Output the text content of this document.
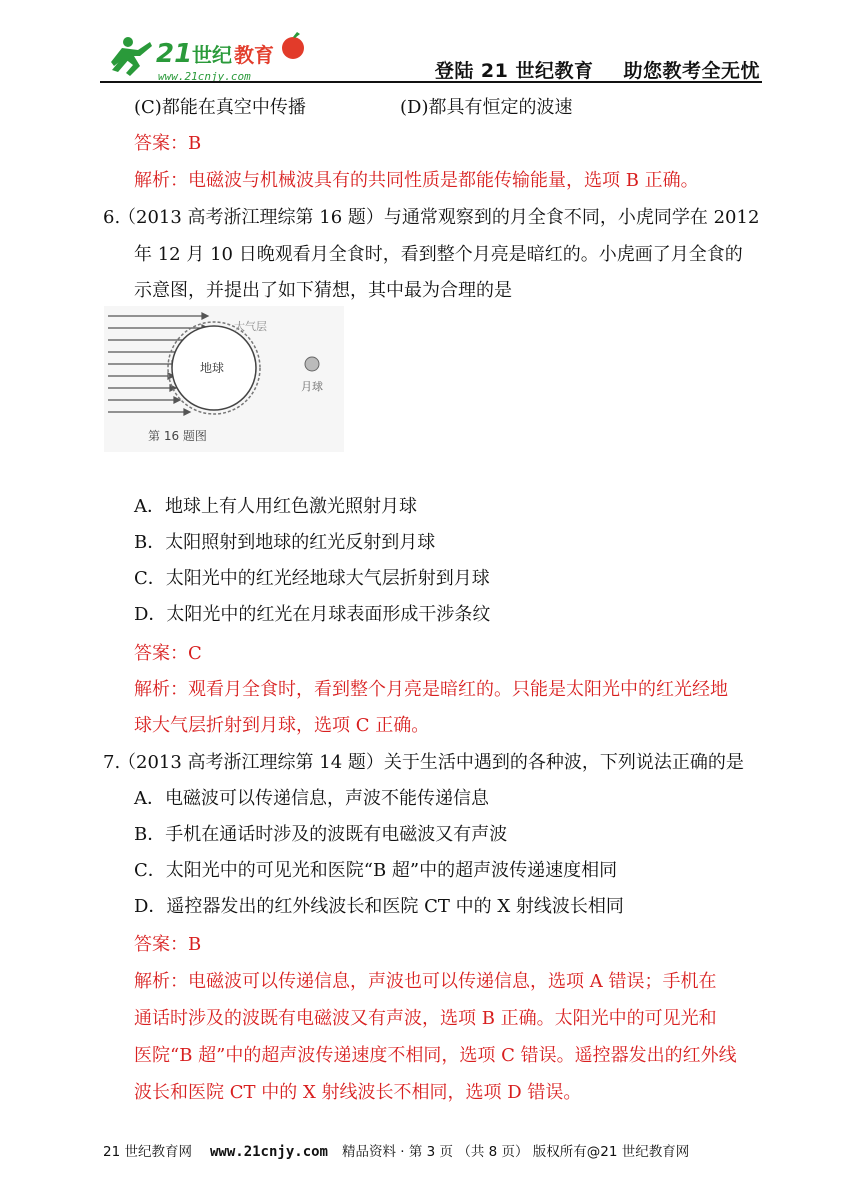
21 世纪 教育
www.21cnjy.com	登陆 21 世纪教育 助您教考全无忧
(C)都能在真空中传播	(D)都具有恒定的波速
答案：B
解析：电磁波与机械波具有的共同性质是都能传输能量，选项 B 正确。
6.
（2013 高考浙江理综第 16 题）与通常观察到的月全食不同，小虎同学在 2012
年 12 月 10 日晚观看月全食时，看到整个月亮是暗红的。小虎画了月全食的
示意图，并提出了如下猜想，其中最为合理的是
地球
大气层
月球
第 16 题图
A．地球上有人用红色激光照射月球
B．太阳照射到地球的红光反射到月球
C．太阳光中的红光经地球大气层折射到月球
D．太阳光中的红光在月球表面形成干涉条纹
答案：C
解析：观看月全食时，看到整个月亮是暗红的。只能是太阳光中的红光经地
球大气层折射到月球，选项 C 正确。
7.
（2013 高考浙江理综第 14 题）关于生活中遇到的各种波，下列说法正确的是
A．电磁波可以传递信息，声波不能传递信息
B．手机在通话时涉及的波既有电磁波又有声波
C．太阳光中的可见光和医院“B 超”中的超声波传递速度相同
D．遥控器发出的红外线波长和医院 CT 中的 X 射线波长相同
答案：B
解析：电磁波可以传递信息，声波也可以传递信息，选项 A 错误；手机在
通话时涉及的波既有电磁波又有声波，选项 B 正确。太阳光中的可见光和
医院“B 超”中的超声波传递速度不相同，选项 C 错误。遥控器发出的红外线
波长和医院 CT 中的 X 射线波长不相同，选项 D 错误。
21 世纪教育网 www.21cnjy.com 精品资料 · 第 3 页 （共 8 页） 版权所有@21 世纪教育网
